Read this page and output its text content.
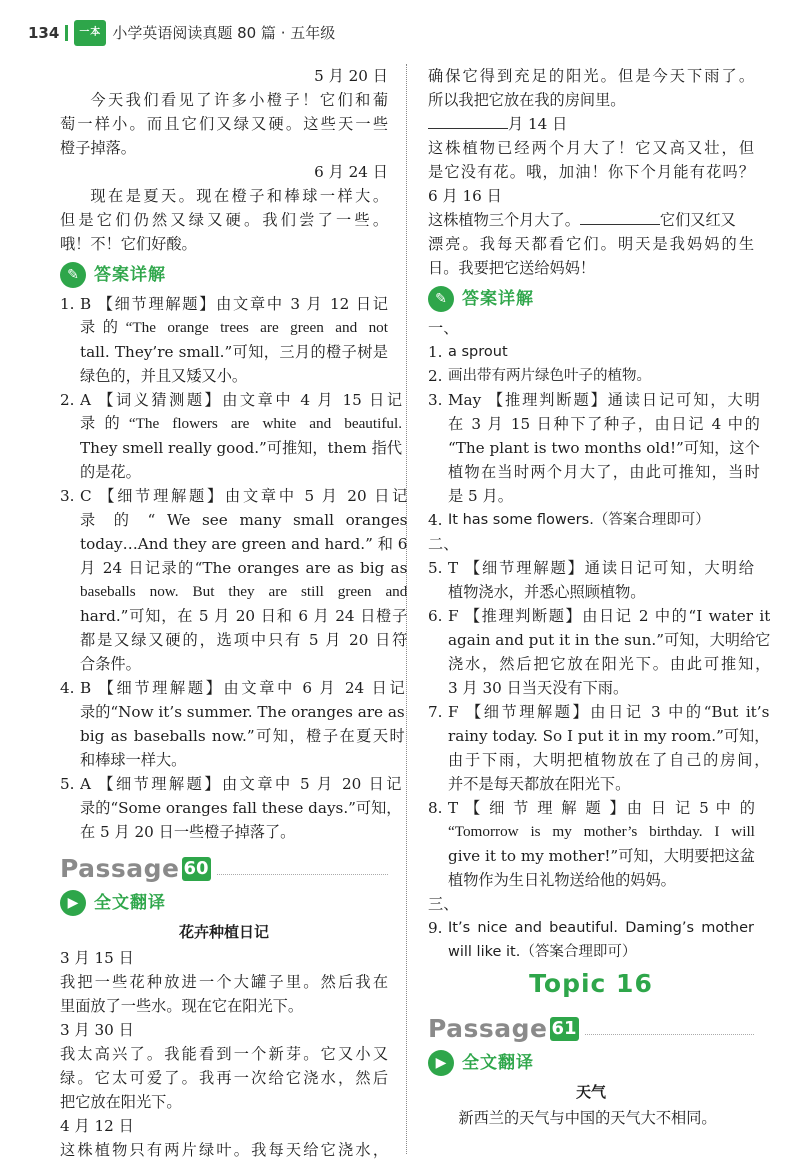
134	一本 小学英语阅读真题 80 篇 · 五年级
5 月 20 日
今天我们看见了许多小橙子！它们和葡
萄一样小。而且它们又绿又硬。这些天一些
橙子掉落。
6 月 24 日
现在是夏天。现在橙子和棒球一样大。
但是它们仍然又绿又硬。我们尝了一些。
哦！不！它们好酸。
✎ 答案详解
1. B 【细节理解题】由文章中 3 月 12 日记
录的“The orange trees are green and not
tall. They’re small.”可知，三月的橙子树是
绿色的，并且又矮又小。
2. A 【词义猜测题】由文章中 4 月 15 日记
录的“The flowers are white and beautiful.
They smell really good.”可推知，them 指代
的是花。
3. C 【细节理解题】由文章中 5 月 20 日记
录 的 “ We see many small oranges
today…And they are green and hard.” 和 6
月 24 日记录的“The oranges are as big as
baseballs now. But they are still green and
hard.”可知，在 5 月 20 日和 6 月 24 日橙子
都是又绿又硬的，选项中只有 5 月 20 日符
合条件。
4. B 【细节理解题】由文章中 6 月 24 日记
录的“Now it’s summer. The oranges are as
big as baseballs now.”可知，橙子在夏天时
和棒球一样大。
5. A 【细节理解题】由文章中 5 月 20 日记
录的“Some oranges fall these days.”可知，
在 5 月 20 日一些橙子掉落了。
Passage 60
▶ 全文翻译
花卉种植日记
3 月 15 日
我把一些花种放进一个大罐子里。然后我在
里面放了一些水。现在它在阳光下。
3 月 30 日
我太高兴了。我能看到一个新芽。它又小又
绿。它太可爱了。我再一次给它浇水，然后
把它放在阳光下。
4 月 12 日
这株植物只有两片绿叶。我每天给它浇水，
确保它得到充足的阳光。但是今天下雨了。
所以我把它放在我的房间里。
月 14 日
这株植物已经两个月大了！它又高又壮，但
是它没有花。哦，加油！你下个月能有花吗？
6 月 16 日
这株植物三个月大了。	它们又红又
漂亮。我每天都看它们。明天是我妈妈的生
日。我要把它送给妈妈！
✎ 答案详解
一、
1. a sprout
2. 画出带有两片绿色叶子的植物。
3. May 【推理判断题】通读日记可知，大明
在 3 月 15 日种下了种子，由日记 4 中的
“The plant is two months old!”可知，这个
植物在当时两个月大了，由此可推知，当时
是 5 月。
4. It has some flowers.（答案合理即可）
二、
5. T 【细节理解题】通读日记可知，大明给
植物浇水，并悉心照顾植物。
6. F 【推理判断题】由日记 2 中的“I water it
again and put it in the sun.”可知，大明给它
浇水，然后把它放在阳光下。由此可推知，
3 月 30 日当天没有下雨。
7. F 【细节理解题】由日记 3 中的“But it’s
rainy today. So I put it in my room.”可知，
由于下雨，大明把植物放在了自己的房间，
并不是每天都放在阳光下。
8. T 【 细 节 理 解 题 】由 日 记 5 中 的
“Tomorrow is my mother’s birthday. I will
give it to my mother!”可知，大明要把这盆
植物作为生日礼物送给他的妈妈。
三、
9. It’s nice and beautiful. Daming’s mother
will like it.（答案合理即可）
Topic 16
Passage 61
▶ 全文翻译
天气
新西兰的天气与中国的天气大不相同。
